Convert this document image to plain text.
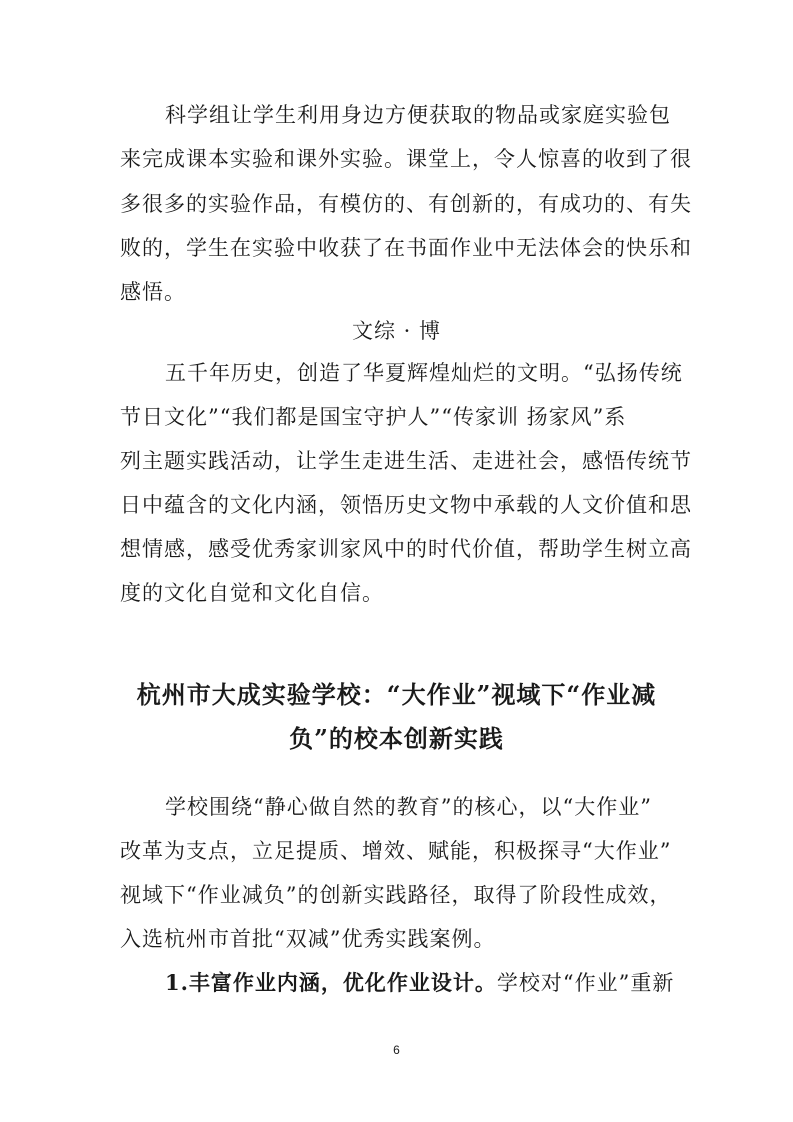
科学组让学生利用身边方便获取的物品或家庭实验包
来完成课本实验和课外实验。课堂上，令人惊喜的收到了很
多很多的实验作品，有模仿的、有创新的，有成功的、有失
败的，学生在实验中收获了在书面作业中无法体会的快乐和
感悟。
文综 · 博
五千年历史，创造了华夏辉煌灿烂的文明。“弘扬传统
节日文化”“我们都是国宝守护人”“传家训 扬家风”系
列主题实践活动，让学生走进生活、走进社会，感悟传统节
日中蕴含的文化内涵，领悟历史文物中承载的人文价值和思
想情感，感受优秀家训家风中的时代价值，帮助学生树立高
度的文化自觉和文化自信。
杭州市大成实验学校：“大作业”视域下“作业减
负”的校本创新实践
学校围绕“静心做自然的教育”的核心，以“大作业”
改革为支点，立足提质、增效、赋能，积极探寻“大作业”
视域下“作业减负”的创新实践路径，取得了阶段性成效，
入选杭州市首批“双减”优秀实践案例。
1.丰富作业内涵，优化作业设计。学校对“作业”重新
6
